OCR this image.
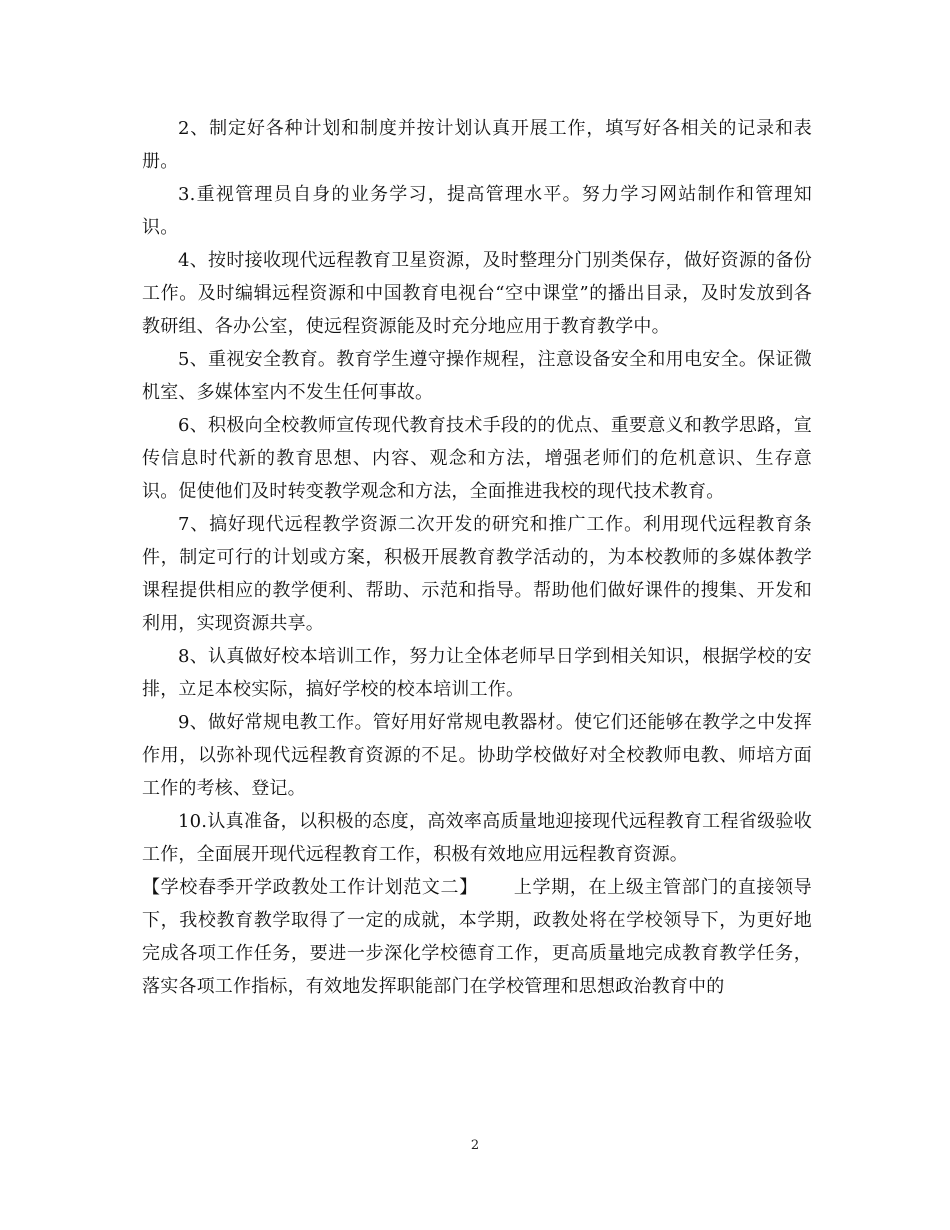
2、制定好各种计划和制度并按计划认真开展工作，填写好各相关的记录和表册。

3.重视管理员自身的业务学习，提高管理水平。努力学习网站制作和管理知识。

4、按时接收现代远程教育卫星资源，及时整理分门别类保存，做好资源的备份工作。及时编辑远程资源和中国教育电视台“空中课堂”的播出目录，及时发放到各教研组、各办公室，使远程资源能及时充分地应用于教育教学中。

5、重视安全教育。教育学生遵守操作规程，注意设备安全和用电安全。保证微机室、多媒体室内不发生任何事故。

6、积极向全校教师宣传现代教育技术手段的的优点、重要意义和教学思路，宣传信息时代新的教育思想、内容、观念和方法，增强老师们的危机意识、生存意识。促使他们及时转变教学观念和方法，全面推进我校的现代技术教育。

7、搞好现代远程教学资源二次开发的研究和推广工作。利用现代远程教育条件，制定可行的计划或方案，积极开展教育教学活动的，为本校教师的多媒体教学课程提供相应的教学便利、帮助、示范和指导。帮助他们做好课件的搜集、开发和利用，实现资源共享。

8、认真做好校本培训工作，努力让全体老师早日学到相关知识，根据学校的安排，立足本校实际，搞好学校的校本培训工作。

9、做好常规电教工作。管好用好常规电教器材。使它们还能够在教学之中发挥作用，以弥补现代远程教育资源的不足。协助学校做好对全校教师电教、师培方面工作的考核、登记。

10.认真准备，以积极的态度，高效率高质量地迎接现代远程教育工程省级验收工作，全面展开现代远程教育工作，积极有效地应用远程教育资源。

【学校春季开学政教处工作计划范文二】 上学期，在上级主管部门的直接领导下，我校教育教学取得了一定的成就，本学期，政教处将在学校领导下，为更好地完成各项工作任务，要进一步深化学校德育工作，更高质量地完成教育教学任务，落实各项工作指标，有效地发挥职能部门在学校管理和思想政治教育中的

2
